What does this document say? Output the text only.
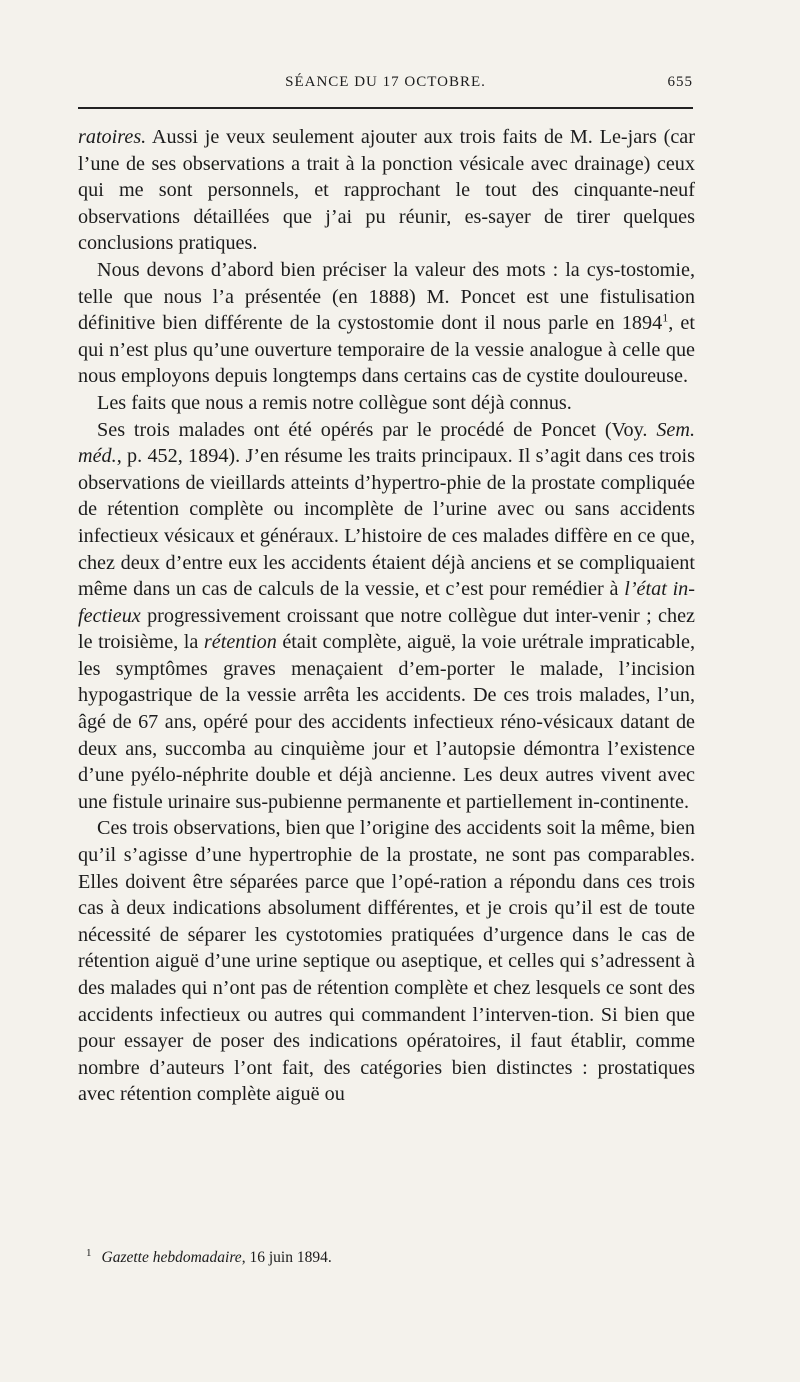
SÉANCE DU 17 OCTOBRE.	655

ratoires. Aussi je veux seulement ajouter aux trois faits de M. Le-jars (car l’une de ses observations a trait à la ponction vésicale avec drainage) ceux qui me sont personnels, et rapprochant le tout des cinquante-neuf observations détaillées que j’ai pu réunir, es-sayer de tirer quelques conclusions pratiques.

Nous devons d’abord bien préciser la valeur des mots : la cys-tostomie, telle que nous l’a présentée (en 1888) M. Poncet est une fistulisation définitive bien différente de la cystostomie dont il nous parle en 1894$^1$, et qui n’est plus qu’une ouverture temporaire de la vessie analogue à celle que nous employons depuis longtemps dans certains cas de cystite douloureuse.

Les faits que nous a remis notre collègue sont déjà connus.

Ses trois malades ont été opérés par le procédé de Poncet (Voy. Sem. méd., p. 452, 1894). J’en résume les traits principaux. Il s’agit dans ces trois observations de vieillards atteints d’hypertro-phie de la prostate compliquée de rétention complète ou incomplète de l’urine avec ou sans accidents infectieux vésicaux et généraux. L’histoire de ces malades diffère en ce que, chez deux d’entre eux les accidents étaient déjà anciens et se compliquaient même dans un cas de calculs de la vessie, et c’est pour remédier à l’état in-fectieux progressivement croissant que notre collègue dut inter-venir ; chez le troisième, la rétention était complète, aiguë, la voie urétrale impraticable, les symptômes graves menaçaient d’em-porter le malade, l’incision hypogastrique de la vessie arrêta les accidents. De ces trois malades, l’un, âgé de 67 ans, opéré pour des accidents infectieux réno-vésicaux datant de deux ans, succomba au cinquième jour et l’autopsie démontra l’existence d’une pyélo-néphrite double et déjà ancienne. Les deux autres vivent avec une fistule urinaire sus-pubienne permanente et partiellement in-continente.

Ces trois observations, bien que l’origine des accidents soit la même, bien qu’il s’agisse d’une hypertrophie de la prostate, ne sont pas comparables. Elles doivent être séparées parce que l’opé-ration a répondu dans ces trois cas à deux indications absolument différentes, et je crois qu’il est de toute nécessité de séparer les cystotomies pratiquées d’urgence dans le cas de rétention aiguë d’une urine septique ou aseptique, et celles qui s’adressent à des malades qui n’ont pas de rétention complète et chez lesquels ce sont des accidents infectieux ou autres qui commandent l’interven-tion. Si bien que pour essayer de poser des indications opératoires, il faut établir, comme nombre d’auteurs l’ont fait, des catégories bien distinctes : prostatiques avec rétention complète aiguë ou

$^1$ Gazette hebdomadaire, 16 juin 1894.
